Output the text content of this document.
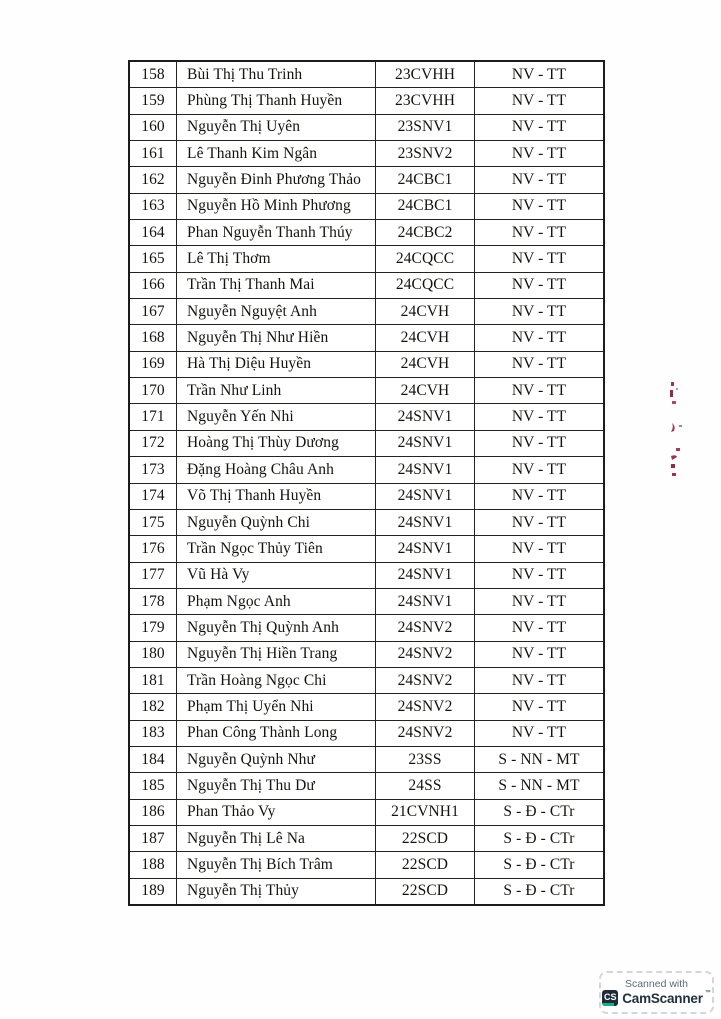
158	Bùi Thị Thu Trinh	23CVHH	NV - TT
159	Phùng Thị Thanh Huyền	23CVHH	NV - TT
160	Nguyễn Thị Uyên	23SNV1	NV - TT
161	Lê Thanh Kim Ngân	23SNV2	NV - TT
162	Nguyễn Đinh Phương Thảo	24CBC1	NV - TT
163	Nguyễn Hồ Minh Phương	24CBC1	NV - TT
164	Phan Nguyễn Thanh Thúy	24CBC2	NV - TT
165	Lê Thị Thơm	24CQCC	NV - TT
166	Trần Thị Thanh Mai	24CQCC	NV - TT
167	Nguyễn Nguyệt Anh	24CVH	NV - TT
168	Nguyễn Thị Như Hiền	24CVH	NV - TT
169	Hà Thị Diệu Huyền	24CVH	NV - TT
170	Trần Như Linh	24CVH	NV - TT
171	Nguyễn Yến Nhi	24SNV1	NV - TT
172	Hoàng Thị Thùy Dương	24SNV1	NV - TT
173	Đặng Hoàng Châu Anh	24SNV1	NV - TT
174	Võ Thị Thanh Huyền	24SNV1	NV - TT
175	Nguyễn Quỳnh Chi	24SNV1	NV - TT
176	Trần Ngọc Thủy Tiên	24SNV1	NV - TT
177	Vũ Hà Vy	24SNV1	NV - TT
178	Phạm Ngọc Anh	24SNV1	NV - TT
179	Nguyễn Thị Quỳnh Anh	24SNV2	NV - TT
180	Nguyễn Thị Hiền Trang	24SNV2	NV - TT
181	Trần Hoàng Ngọc Chi	24SNV2	NV - TT
182	Phạm Thị Uyển Nhi	24SNV2	NV - TT
183	Phan Công Thành Long	24SNV2	NV - TT
184	Nguyễn Quỳnh Như	23SS	S - NN - MT
185	Nguyễn Thị Thu Dư	24SS	S - NN - MT
186	Phan Thảo Vy	21CVNH1	S - Đ - CTr
187	Nguyễn Thị Lê Na	22SCD	S - Đ - CTr
188	Nguyễn Thị Bích Trâm	22SCD	S - Đ - CTr
189	Nguyễn Thị Thủy	22SCD	S - Đ - CTr
Scanned with
CS CamScanner ™
